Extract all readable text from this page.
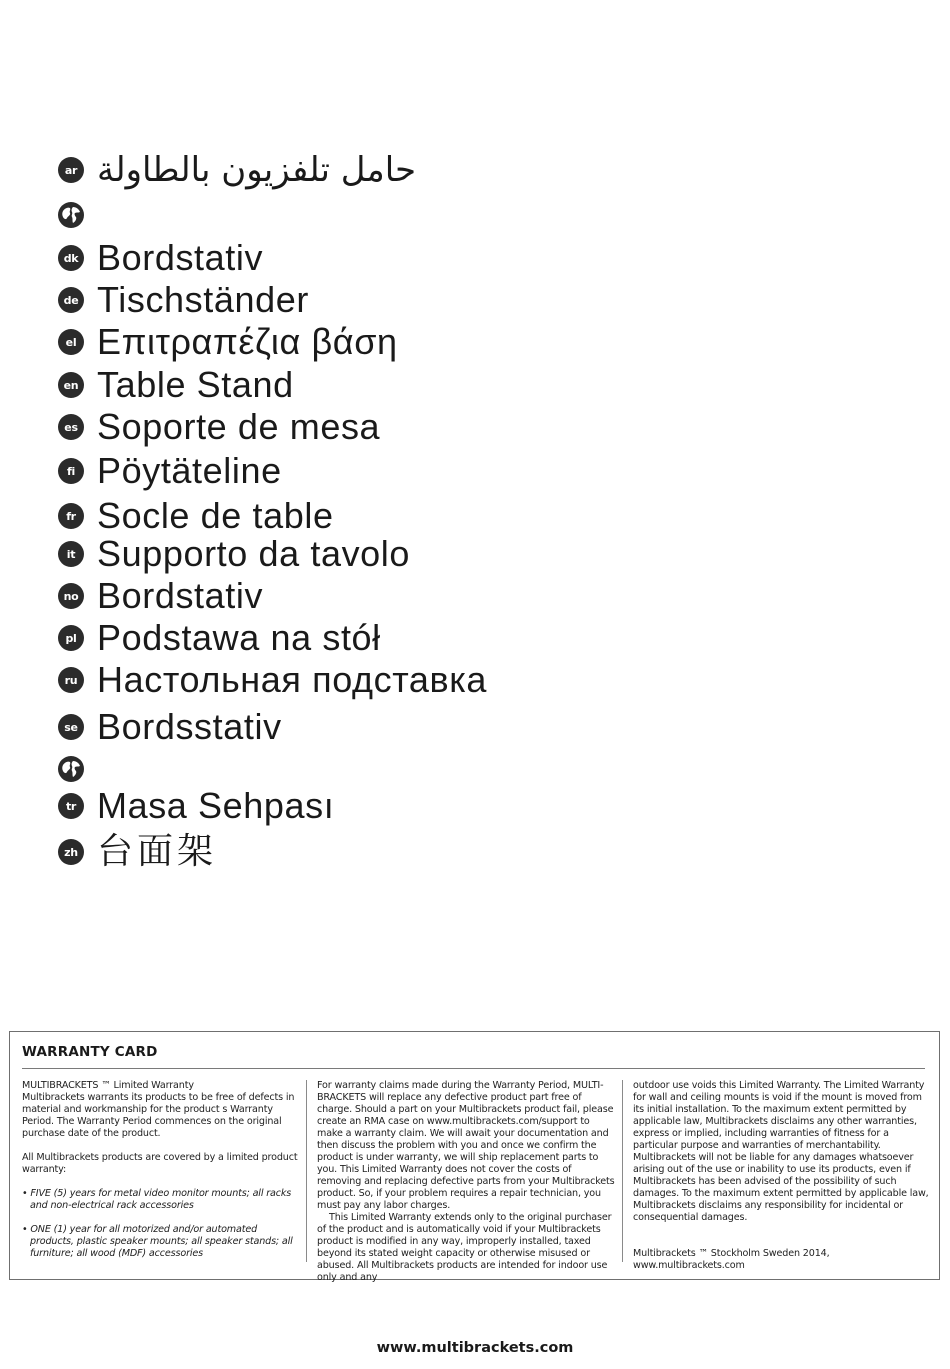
ar حامل تلفزيون بالطاولة
dk Bordstativ
de Tischständer
el Επιτραπέζια βάση
en Table Stand
es Soporte de mesa
fi Pöytäteline
fr Socle de table
it Supporto da tavolo
no Bordstativ
pl Podstawa na stół
ru Настольная подставка
se Bordsstativ
tr Masa Sehpası
zh 台面架
WARRANTY CARD

MULTIBRACKETS ™ Limited Warranty

Multibrackets warrants its products to be free of defects in material and workmanship for the product s Warranty Period. The Warranty Period commences on the original purchase date of the product.

All Multibrackets products are covered by a limited product warranty:

• FIVE (5) years for metal video monitor mounts; all racks and non-electrical rack accessories

• ONE (1) year for all motorized and/or automated products, plastic speaker mounts; all speaker stands; all furniture; all wood (MDF) accessories

For warranty claims made during the Warranty Period, MULTI-BRACKETS will replace any defective product part free of charge. Should a part on your Multibrackets product fail, please create an RMA case on www.multibrackets.com/support to make a warranty claim. We will await your documentation and then discuss the problem with you and once we confirm the product is under warranty, we will ship replacement parts to you. This Limited Warranty does not cover the costs of removing and replacing defective parts from your Multibrackets product. So, if your problem requires a repair technician, you must pay any labor charges.

This Limited Warranty extends only to the original purchaser of the product and is automatically void if your Multibrackets product is modified in any way, improperly installed, taxed beyond its stated weight capacity or otherwise misused or abused. All Multibrackets products are intended for indoor use only and any

outdoor use voids this Limited Warranty. The Limited Warranty for wall and ceiling mounts is void if the mount is moved from its initial installation. To the maximum extent permitted by applicable law, Multibrackets disclaims any other warranties, express or implied, including warranties of fitness for a particular purpose and warranties of merchantability. Multibrackets will not be liable for any damages whatsoever arising out of the use or inability to use its products, even if Multibrackets has been advised of the possibility of such damages. To the maximum extent permitted by applicable law, Multibrackets disclaims any responsibility for incidental or consequential damages.

Multibrackets ™ Stockholm Sweden 2014,

www.multibrackets.com

www.multibrackets.com
